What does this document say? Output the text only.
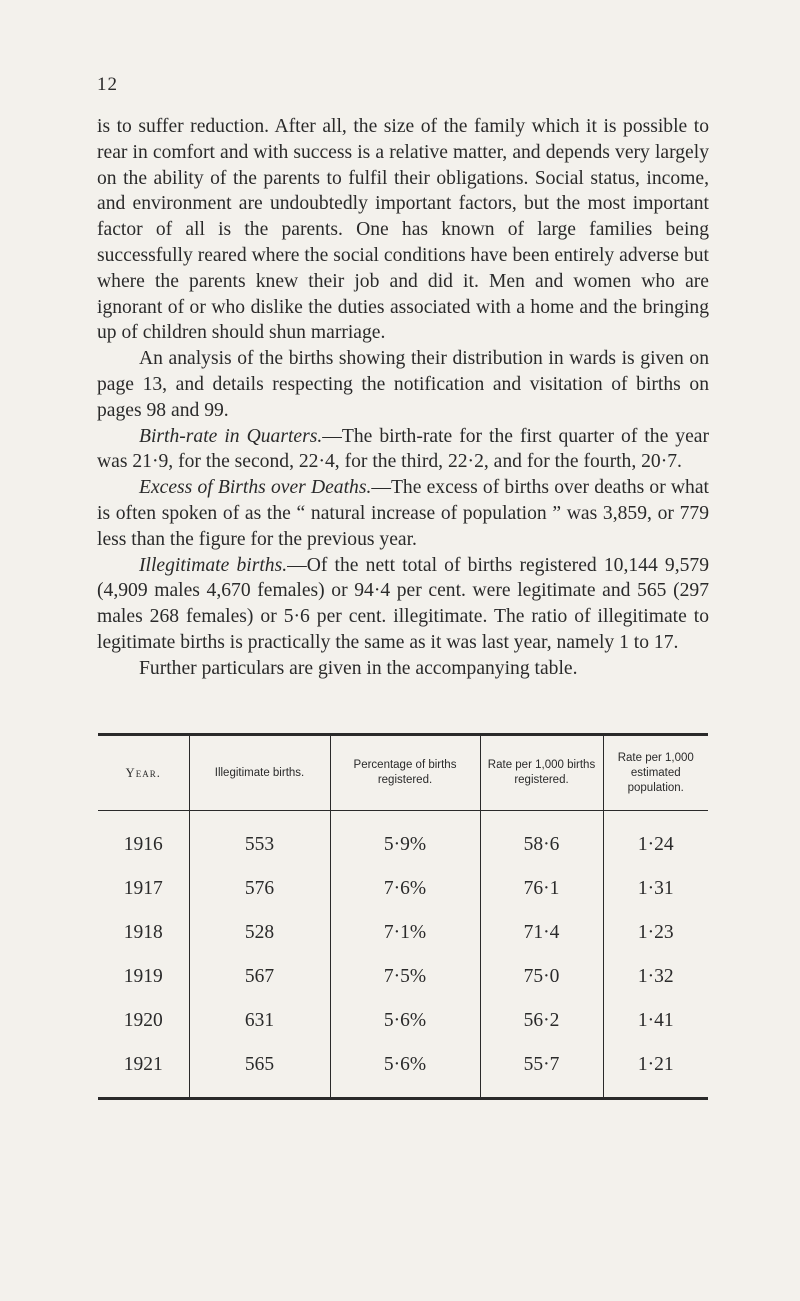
12

is to suffer reduction. After all, the size of the family which it is possible to rear in comfort and with success is a relative matter, and depends very largely on the ability of the parents to fulfil their obligations. Social status, income, and environment are undoubtedly important factors, but the most important factor of all is the parents. One has known of large families being successfully reared where the social conditions have been entirely adverse but where the parents knew their job and did it. Men and women who are ignorant of or who dislike the duties associated with a home and the bringing up of children should shun marriage.

An analysis of the births showing their distribution in wards is given on page 13, and details respecting the notification and visitation of births on pages 98 and 99.

Birth-rate in Quarters.—The birth-rate for the first quarter of the year was 21·9, for the second, 22·4, for the third, 22·2, and for the fourth, 20·7.

Excess of Births over Deaths.—The excess of births over deaths or what is often spoken of as the “ natural increase of population ” was 3,859, or 779 less than the figure for the previous year.

Illegitimate births.—Of the nett total of births registered 10,144 9,579 (4,909 males 4,670 females) or 94·4 per cent. were legitimate and 565 (297 males 268 females) or 5·6 per cent. illegitimate. The ratio of illegitimate to legitimate births is practically the same as it was last year, namely 1 to 17.

Further particulars are given in the accompanying table.

Year.	Illegitimate births.	Percentage of births registered.	Rate per 1,000 births registered.	Rate per 1,000 estimated population.
1916	553	5·9%	58·6	1·24
1917	576	7·6%	76·1	1·31
1918	528	7·1%	71·4	1·23
1919	567	7·5%	75·0	1·32
1920	631	5·6%	56·2	1·41
1921	565	5·6%	55·7	1·21
